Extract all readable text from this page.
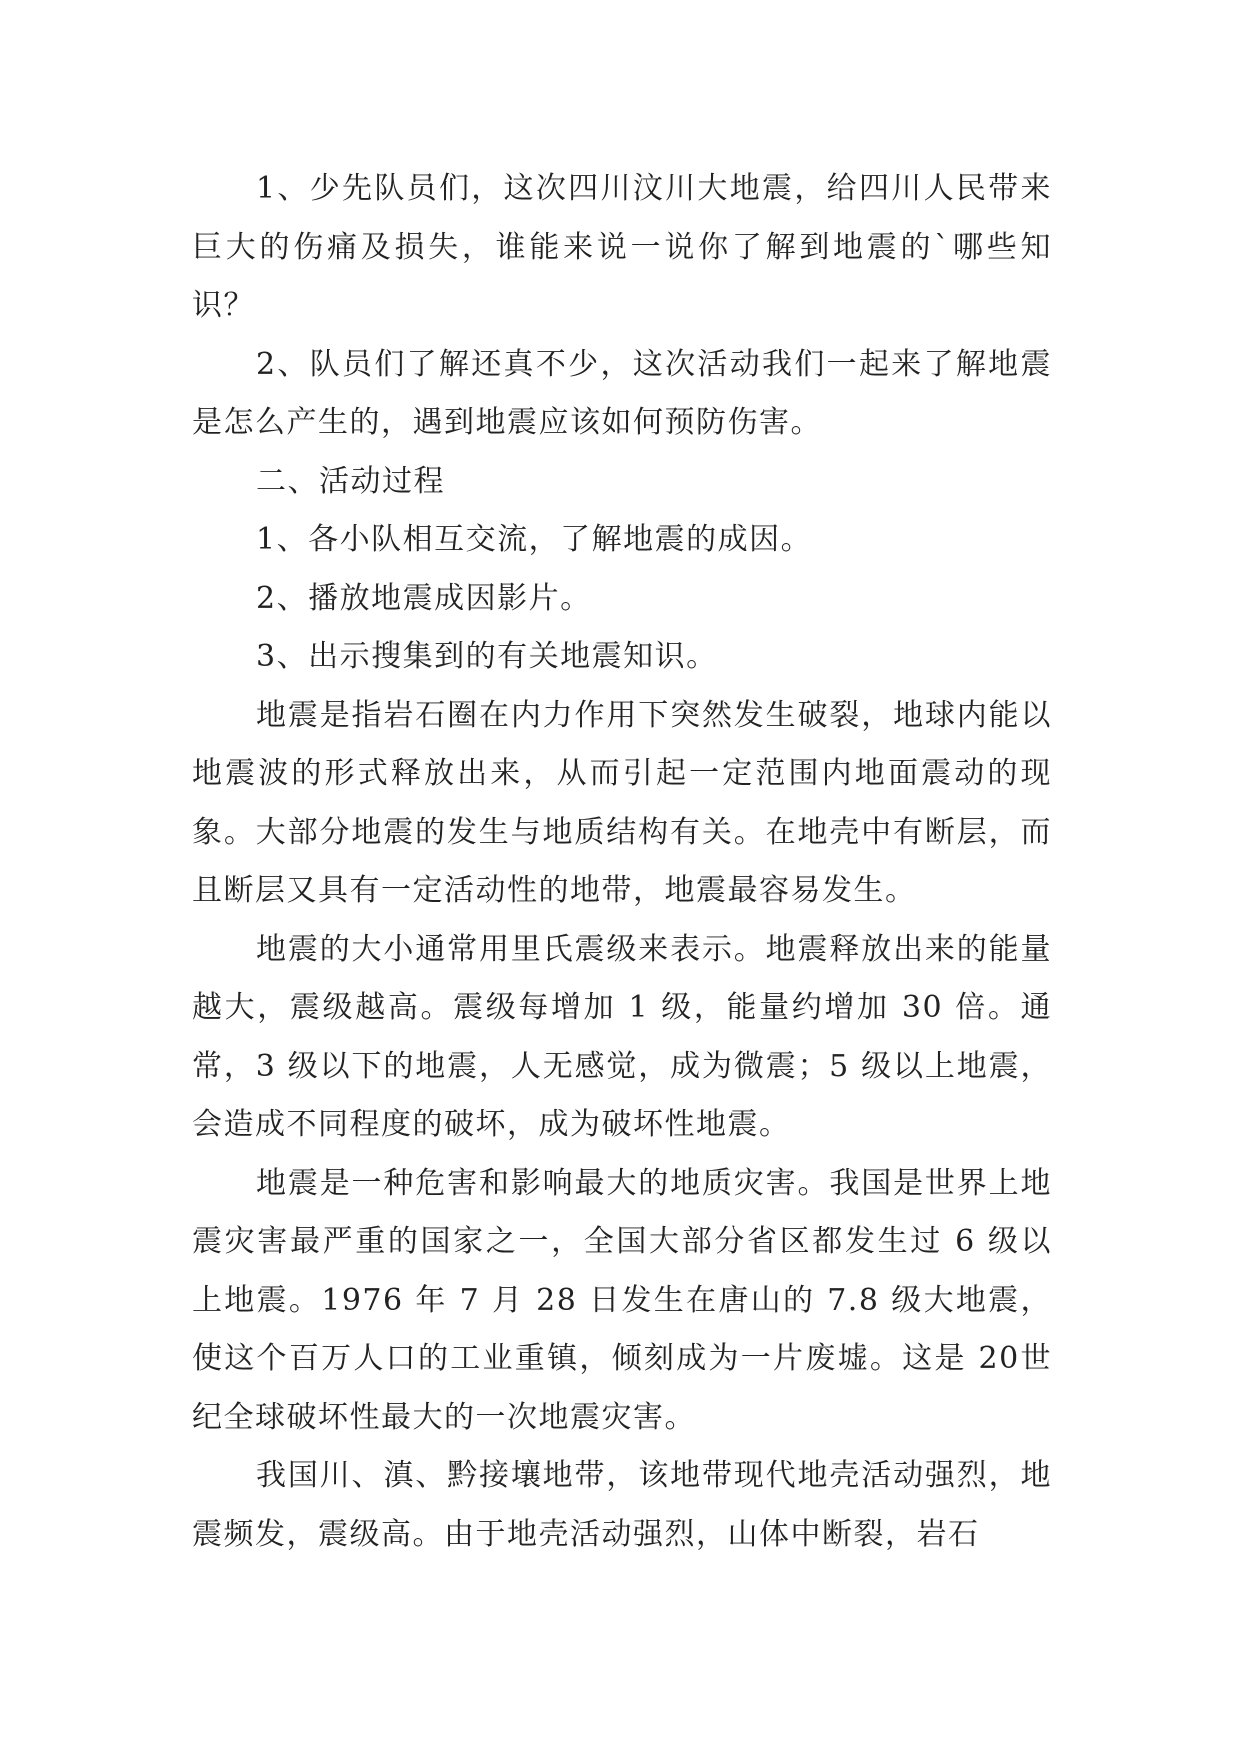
1、少先队员们，这次四川汶川大地震，给四川人民带来巨大的伤痛及损失，谁能来说一说你了解到地震的`哪些知识？

2、队员们了解还真不少，这次活动我们一起来了解地震是怎么产生的，遇到地震应该如何预防伤害。

二、活动过程

1、各小队相互交流，了解地震的成因。

2、播放地震成因影片。

3、出示搜集到的有关地震知识。

地震是指岩石圈在内力作用下突然发生破裂，地球内能以地震波的形式释放出来，从而引起一定范围内地面震动的现象。大部分地震的发生与地质结构有关。在地壳中有断层，而且断层又具有一定活动性的地带，地震最容易发生。

地震的大小通常用里氏震级来表示。地震释放出来的能量越大，震级越高。震级每增加 1 级，能量约增加 30 倍。通常，3 级以下的地震，人无感觉，成为微震；5 级以上地震，会造成不同程度的破坏，成为破坏性地震。

地震是一种危害和影响最大的地质灾害。我国是世界上地震灾害最严重的国家之一，全国大部分省区都发生过 6 级以上地震。1976 年 7 月 28 日发生在唐山的 7.8 级大地震，使这个百万人口的工业重镇，倾刻成为一片废墟。这是 20世纪全球破坏性最大的一次地震灾害。

我国川、滇、黔接壤地带，该地带现代地壳活动强烈，地震频发，震级高。由于地壳活动强烈，山体中断裂，岩石
